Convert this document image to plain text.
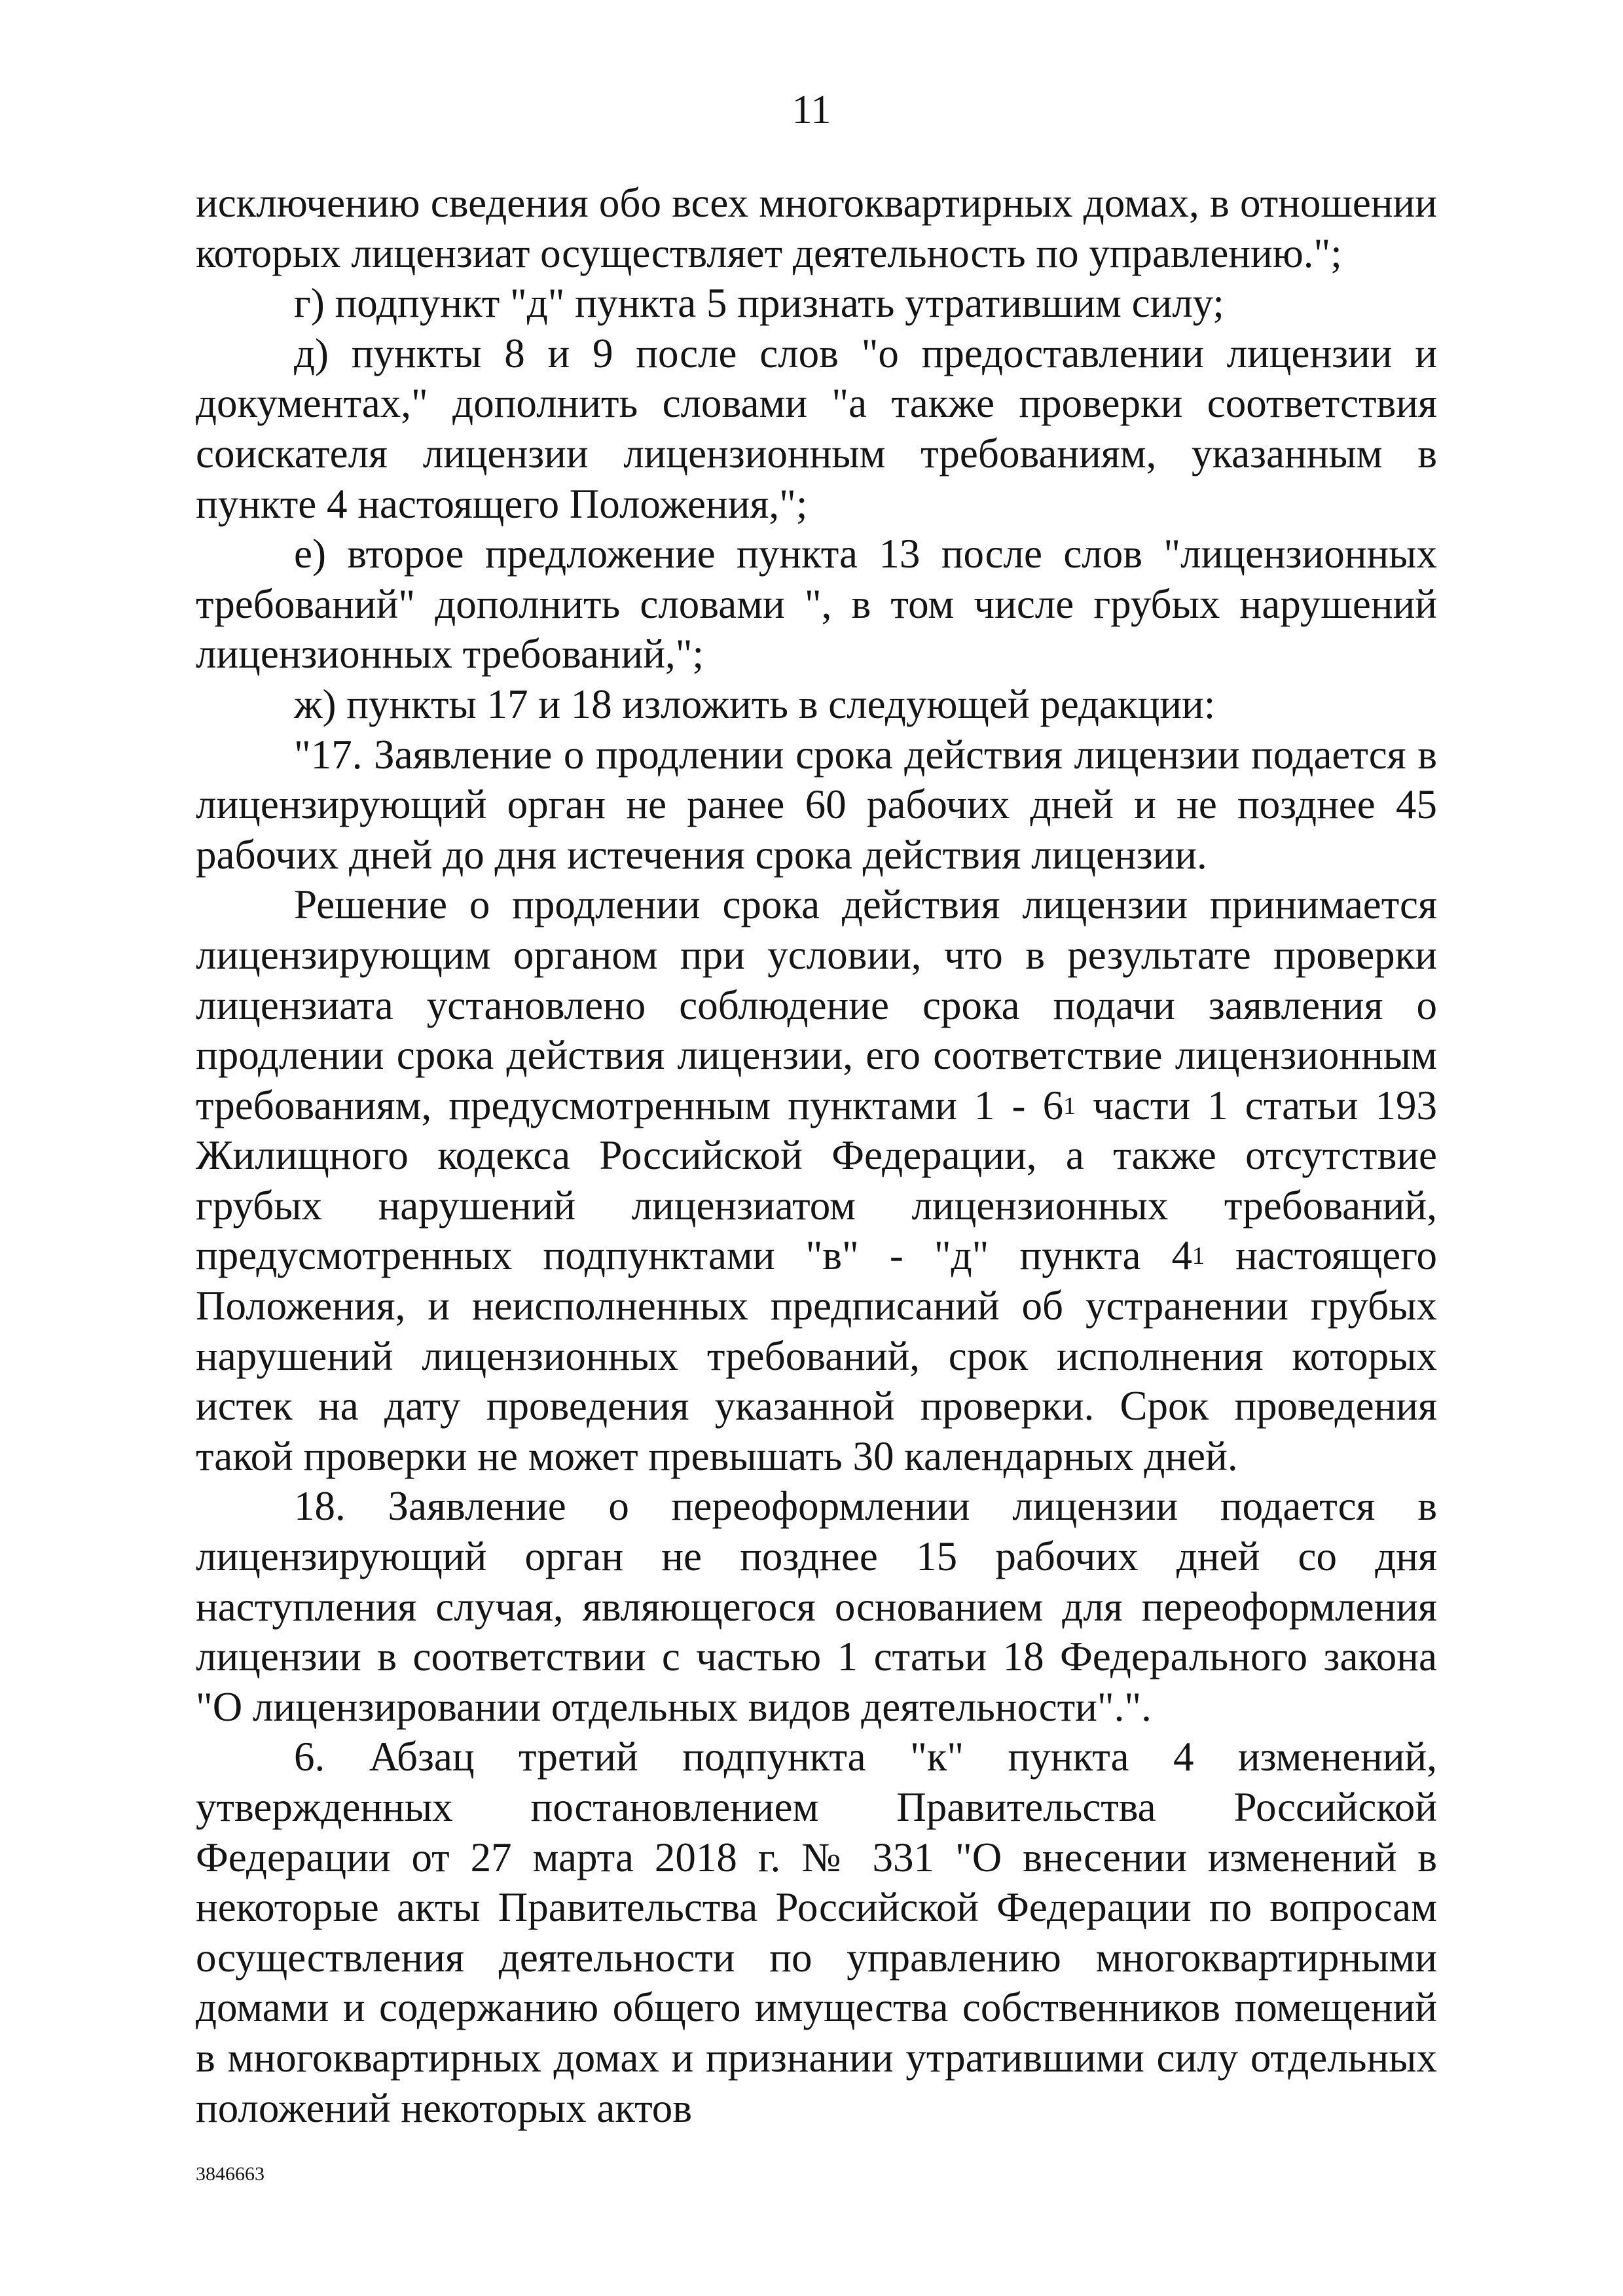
11

исключению сведения обо всех многоквартирных домах, в отношении которых лицензиат осуществляет деятельность по управлению.";

г) подпункт "д" пункта 5 признать утратившим силу;

д) пункты 8 и 9 после слов "о предоставлении лицензии и документах," дополнить словами "а также проверки соответствия соискателя лицензии лицензионным требованиям, указанным в пункте 4 настоящего Положения,";

е) второе предложение пункта 13 после слов "лицензионных требований" дополнить словами ", в том числе грубых нарушений лицензионных требований,";

ж) пункты 17 и 18 изложить в следующей редакции:

"17. Заявление о продлении срока действия лицензии подается в лицензирующий орган не ранее 60 рабочих дней и не позднее 45 рабочих дней до дня истечения срока действия лицензии.

Решение о продлении срока действия лицензии принимается лицензирующим органом при условии, что в результате проверки лицензиата установлено соблюдение срока подачи заявления о продлении срока действия лицензии, его соответствие лицензионным требованиям, предусмотренным пунктами $1 - 6^1$ части 1 статьи 193 Жилищного кодекса Российской Федерации, а также отсутствие грубых нарушений лицензиатом лицензионных требований, предусмотренных подпунктами "в" - "д" пункта $4^1$ настоящего Положения, и неисполненных предписаний об устранении грубых нарушений лицензионных требований, срок исполнения которых истек на дату проведения указанной проверки. Срок проведения такой проверки не может превышать 30 календарных дней.

18. Заявление о переоформлении лицензии подается в лицензирующий орган не позднее 15 рабочих дней со дня наступления случая, являющегося основанием для переоформления лицензии в соответствии с частью 1 статьи 18 Федерального закона "О лицензировании отдельных видов деятельности".".

6. Абзац третий подпункта "к" пункта 4 изменений, утвержденных постановлением Правительства Российской Федерации от 27 марта 2018 г. № 331 "О внесении изменений в некоторые акты Правительства Российской Федерации по вопросам осуществления деятельности по управлению многоквартирными домами и содержанию общего имущества собственников помещений в многоквартирных домах и признании утратившими силу отдельных положений некоторых актов

3846663
